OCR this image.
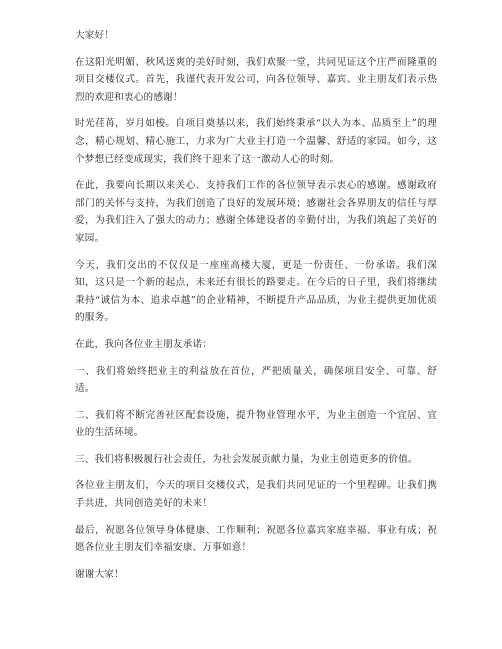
大家好！

在这阳光明媚、秋风送爽的美好时刻，我们欢聚一堂，共同见证这个庄严而隆重的项目交楼仪式。首先，我谨代表开发公司，向各位领导、嘉宾、业主朋友们表示热烈的欢迎和衷心的感谢！

时光荏苒，岁月如梭。自项目奠基以来，我们始终秉承“以人为本、品质至上”的理念，精心规划、精心施工，力求为广大业主打造一个温馨、舒适的家园。如今，这个梦想已经变成现实，我们终于迎来了这一激动人心的时刻。

在此，我要向长期以来关心、支持我们工作的各位领导表示衷心的感谢。感谢政府部门的关怀与支持，为我们创造了良好的发展环境；感谢社会各界朋友的信任与厚爱，为我们注入了强大的动力；感谢全体建设者的辛勤付出，为我们筑起了美好的家园。

今天，我们交出的不仅仅是一座座高楼大厦，更是一份责任、一份承诺。我们深知，这只是一个新的起点，未来还有很长的路要走。在今后的日子里，我们将继续秉持“诚信为本、追求卓越”的企业精神，不断提升产品品质，为业主提供更加优质的服务。

在此，我向各位业主朋友承诺：

一、我们将始终把业主的利益放在首位，严把质量关，确保项目安全、可靠、舒适。

二、我们将不断完善社区配套设施，提升物业管理水平，为业主创造一个宜居、宜业的生活环境。

三、我们将积极履行社会责任，为社会发展贡献力量，为业主创造更多的价值。

各位业主朋友们，今天的项目交楼仪式，是我们共同见证的一个里程碑。让我们携手共进，共同创造美好的未来！

最后，祝愿各位领导身体健康、工作顺利；祝愿各位嘉宾家庭幸福、事业有成；祝愿各位业主朋友们幸福安康、万事如意！

谢谢大家！
